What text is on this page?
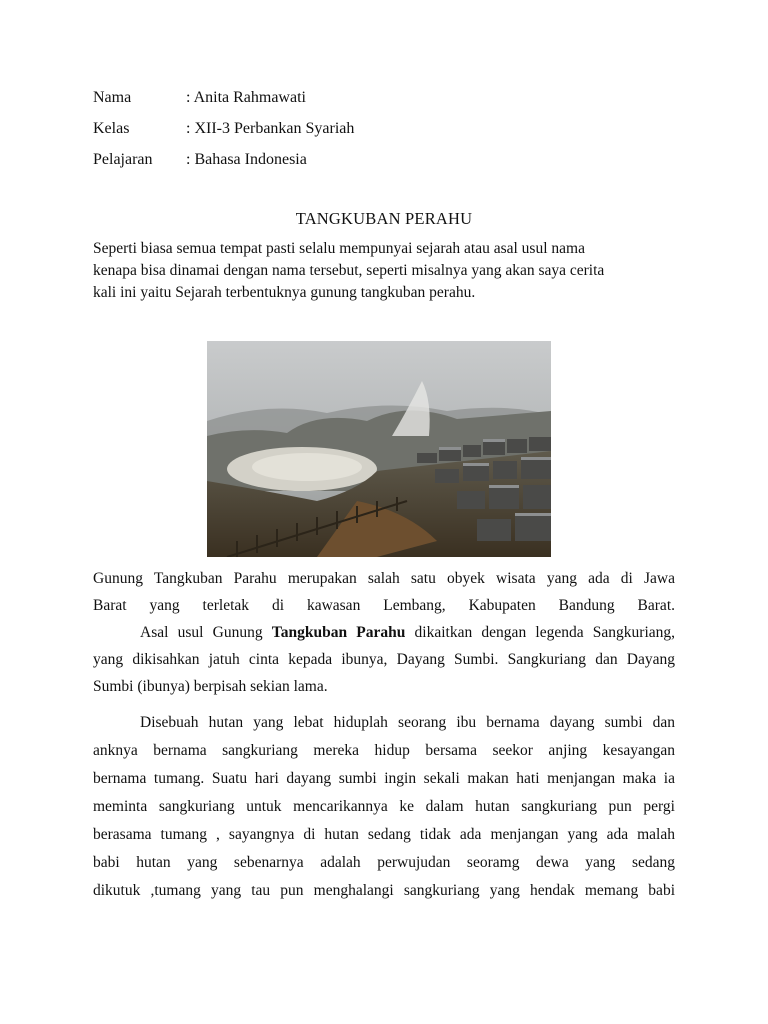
Nama	: Anita Rahmawati
Kelas	: XII-3 Perbankan Syariah
Pelajaran : Bahasa Indonesia
TANGKUBAN PERAHU
Seperti biasa semua tempat pasti selalu mempunyai sejarah atau asal usul nama
kenapa bisa dinamai dengan nama tersebut, seperti misalnya yang akan saya cerita
kali ini yaitu Sejarah terbentuknya gunung tangkuban perahu.
Gunung Tangkuban Parahu merupakan salah satu obyek wisata yang ada di Jawa
Barat yang terletak di kawasan Lembang, Kabupaten Bandung Barat.
Asal usul Gunung Tangkuban Parahu dikaitkan dengan legenda Sangkuriang,
yang dikisahkan jatuh cinta kepada ibunya, Dayang Sumbi. Sangkuriang dan Dayang
Sumbi (ibunya) berpisah sekian lama.
Disebuah hutan yang lebat hiduplah seorang ibu bernama dayang sumbi dan
anknya bernama sangkuriang mereka hidup bersama seekor anjing kesayangan
bernama tumang. Suatu hari dayang sumbi ingin sekali makan hati menjangan maka ia
meminta sangkuriang untuk mencarikannya ke dalam hutan sangkuriang pun pergi
berasama tumang , sayangnya di hutan sedang tidak ada menjangan yang ada malah
babi hutan yang sebenarnya adalah perwujudan seoramg dewa yang sedang
dikutuk ,tumang yang tau pun menghalangi sangkuriang yang hendak memang babi
